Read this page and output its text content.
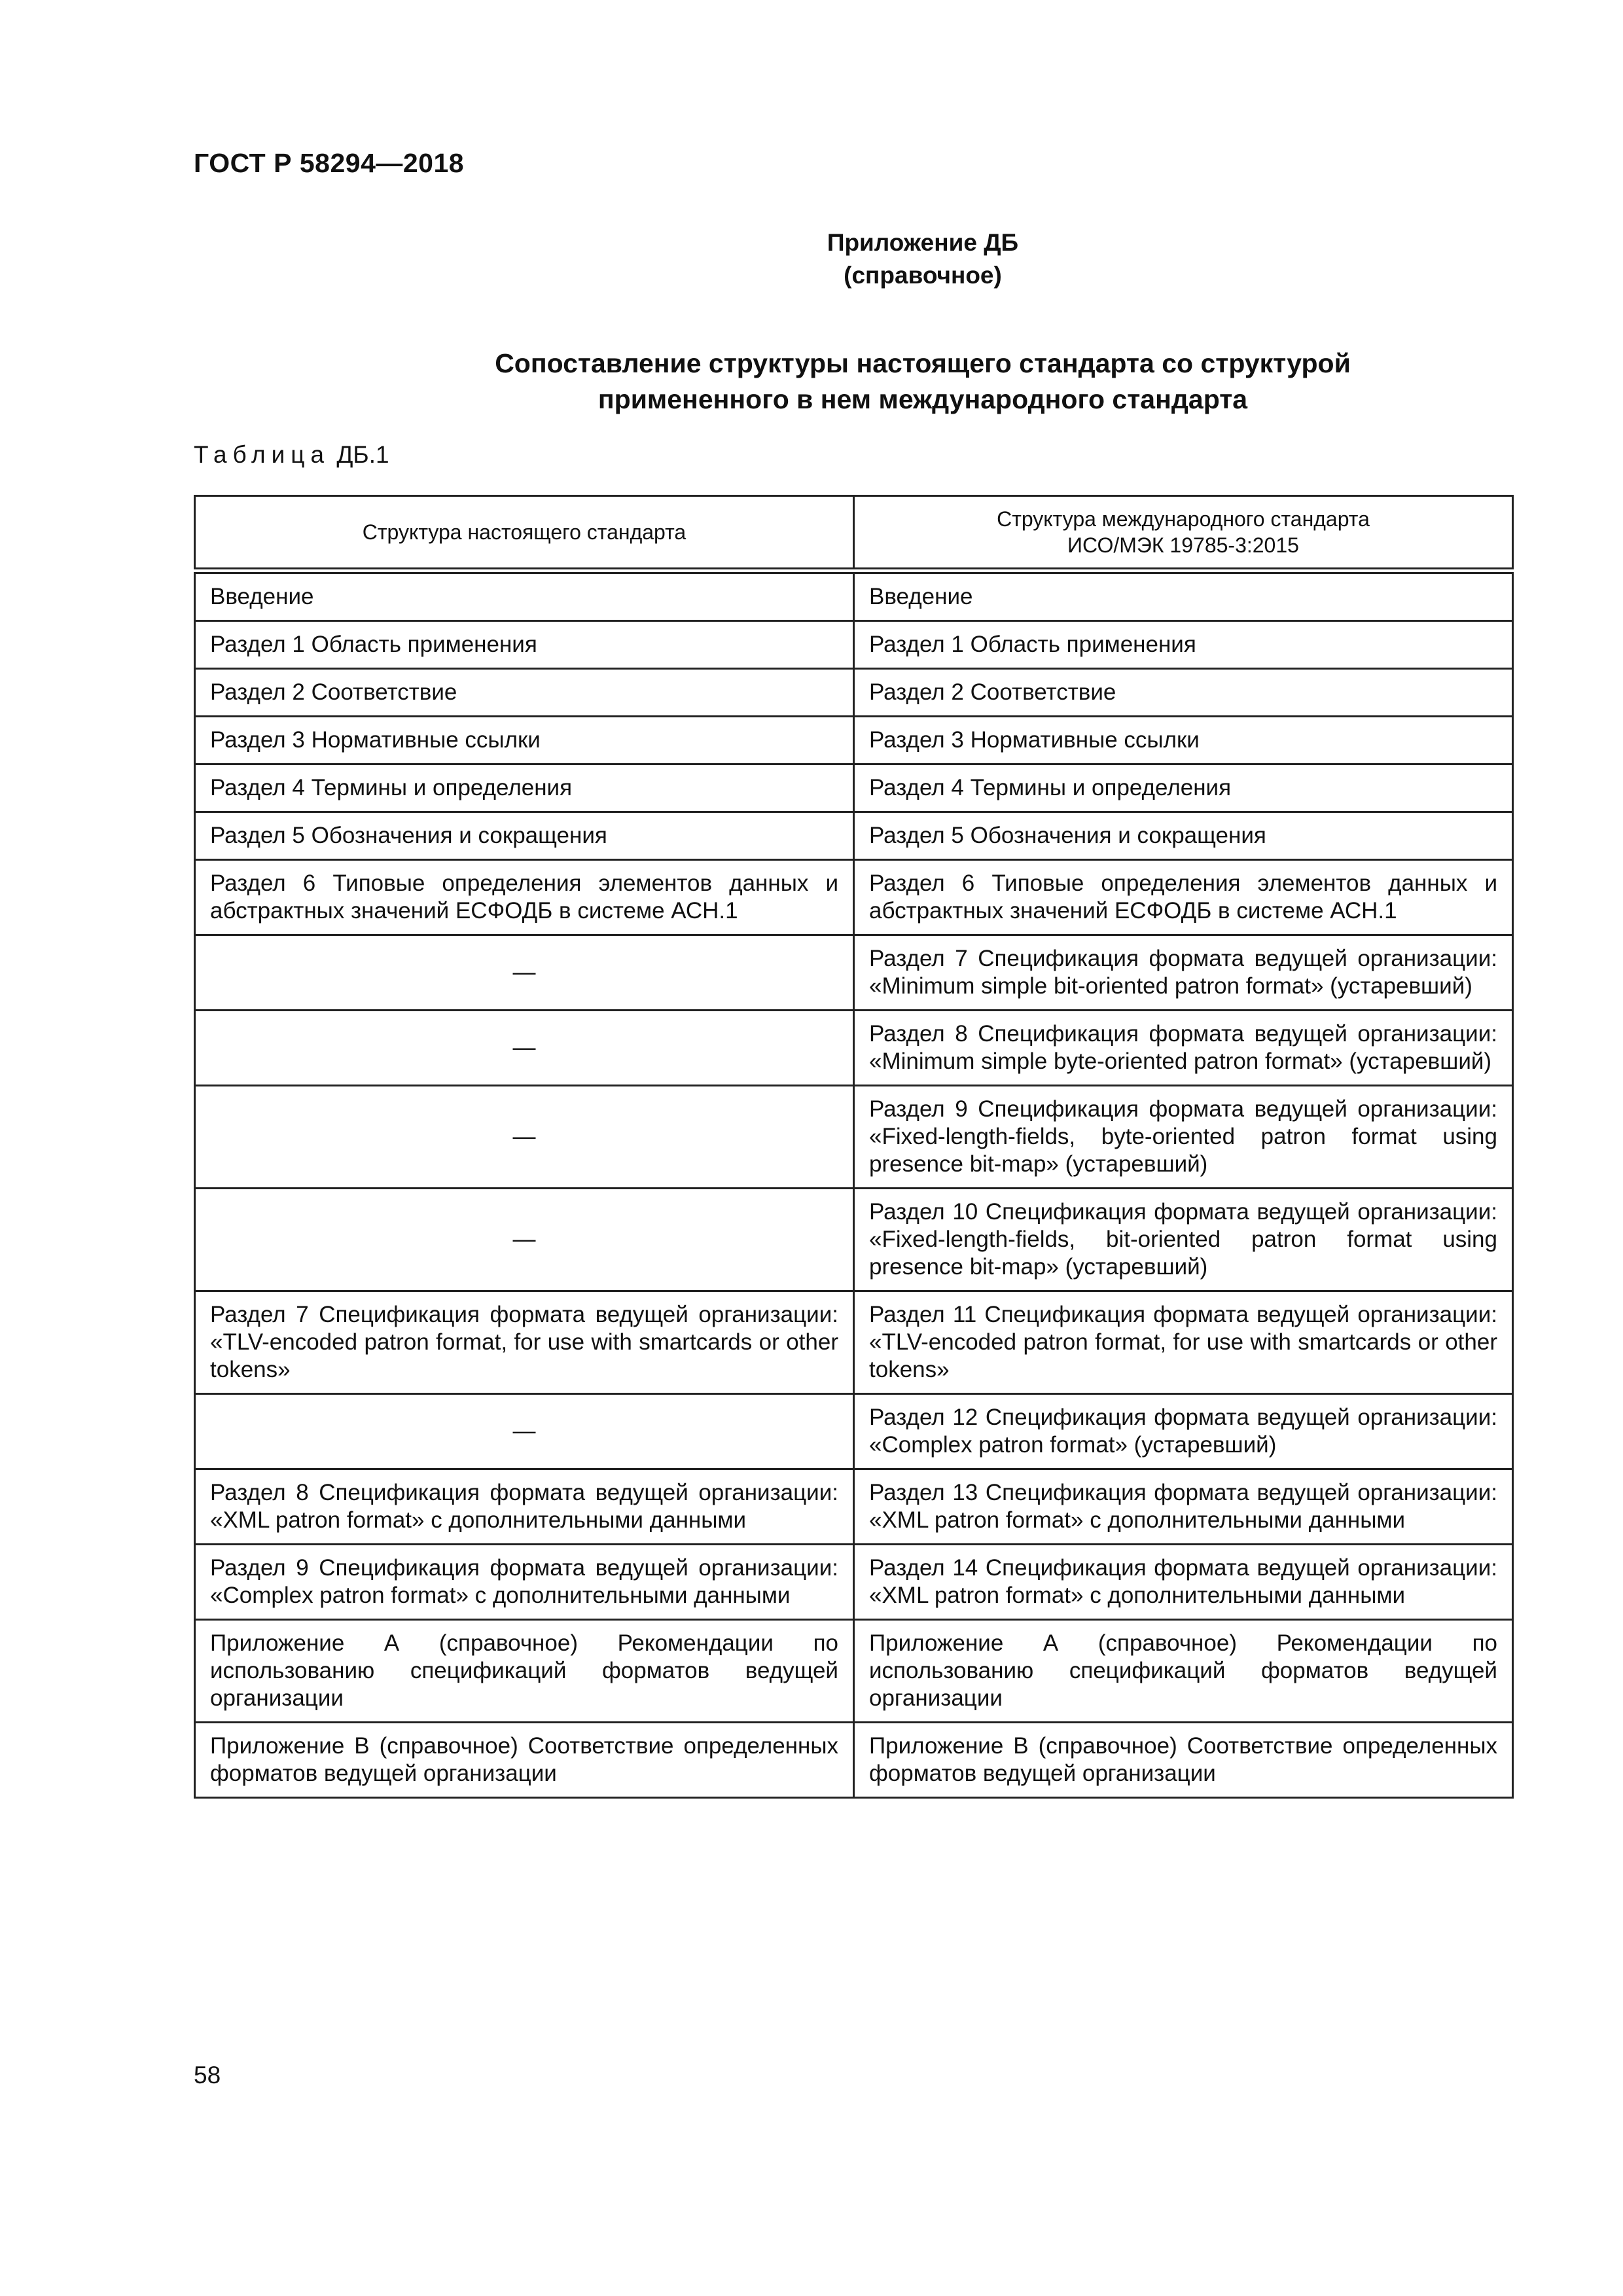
ГОСТ Р 58294—2018
Приложение ДБ
(справочное)
Сопоставление структуры настоящего стандарта со структурой
примененного в нем международного стандарта
Таблица ДБ.1
Структура настоящего стандарта	Структура международного стандарта
ИСО/МЭК 19785-3:2015

Введение	Введение
Раздел 1 Область применения	Раздел 1 Область применения
Раздел 2 Соответствие	Раздел 2 Соответствие
Раздел 3 Нормативные ссылки	Раздел 3 Нормативные ссылки
Раздел 4 Термины и определения	Раздел 4 Термины и определения
Раздел 5 Обозначения и сокращения	Раздел 5 Обозначения и сокращения
Раздел 6 Типовые определения элементов данных и абстрактных значений ЕСФОДБ в системе АСН.1	Раздел 6 Типовые определения элементов данных и абстрактных значений ЕСФОДБ в системе АСН.1
—	Раздел 7 Спецификация формата ведущей организации: «Minimum simple bit-oriented patron format» (устаревший)
—	Раздел 8 Спецификация формата ведущей организации: «Minimum simple byte-oriented patron format» (устаревший)
—	Раздел 9 Спецификация формата ведущей организации: «Fixed-length-fields, byte-oriented patron format using presence bit-map» (устаревший)
—	Раздел 10 Спецификация формата ведущей организации: «Fixed-length-fields, bit-oriented patron format using presence bit-map» (устаревший)
Раздел 7 Спецификация формата ведущей организации: «TLV-encoded patron format, for use with smartcards or other tokens»	Раздел 11 Спецификация формата ведущей организации: «TLV-encoded patron format, for use with smartcards or other tokens»
—	Раздел 12 Спецификация формата ведущей организации: «Complex patron format» (устаревший)
Раздел 8 Спецификация формата ведущей организации: «XML patron format» с дополнительными данными	Раздел 13 Спецификация формата ведущей организации: «XML patron format» с дополнительными данными
Раздел 9 Спецификация формата ведущей организации: «Complex patron format» с дополнительными данными	Раздел 14 Спецификация формата ведущей организации: «XML patron format» с дополнительными данными
Приложение А (справочное) Рекомендации по использованию спецификаций форматов ведущей организации	Приложение А (справочное) Рекомендации по использованию спецификаций форматов ведущей организации
Приложение В (справочное) Соответствие определенных форматов ведущей организации	Приложение В (справочное) Соответствие определенных форматов ведущей организации
58
